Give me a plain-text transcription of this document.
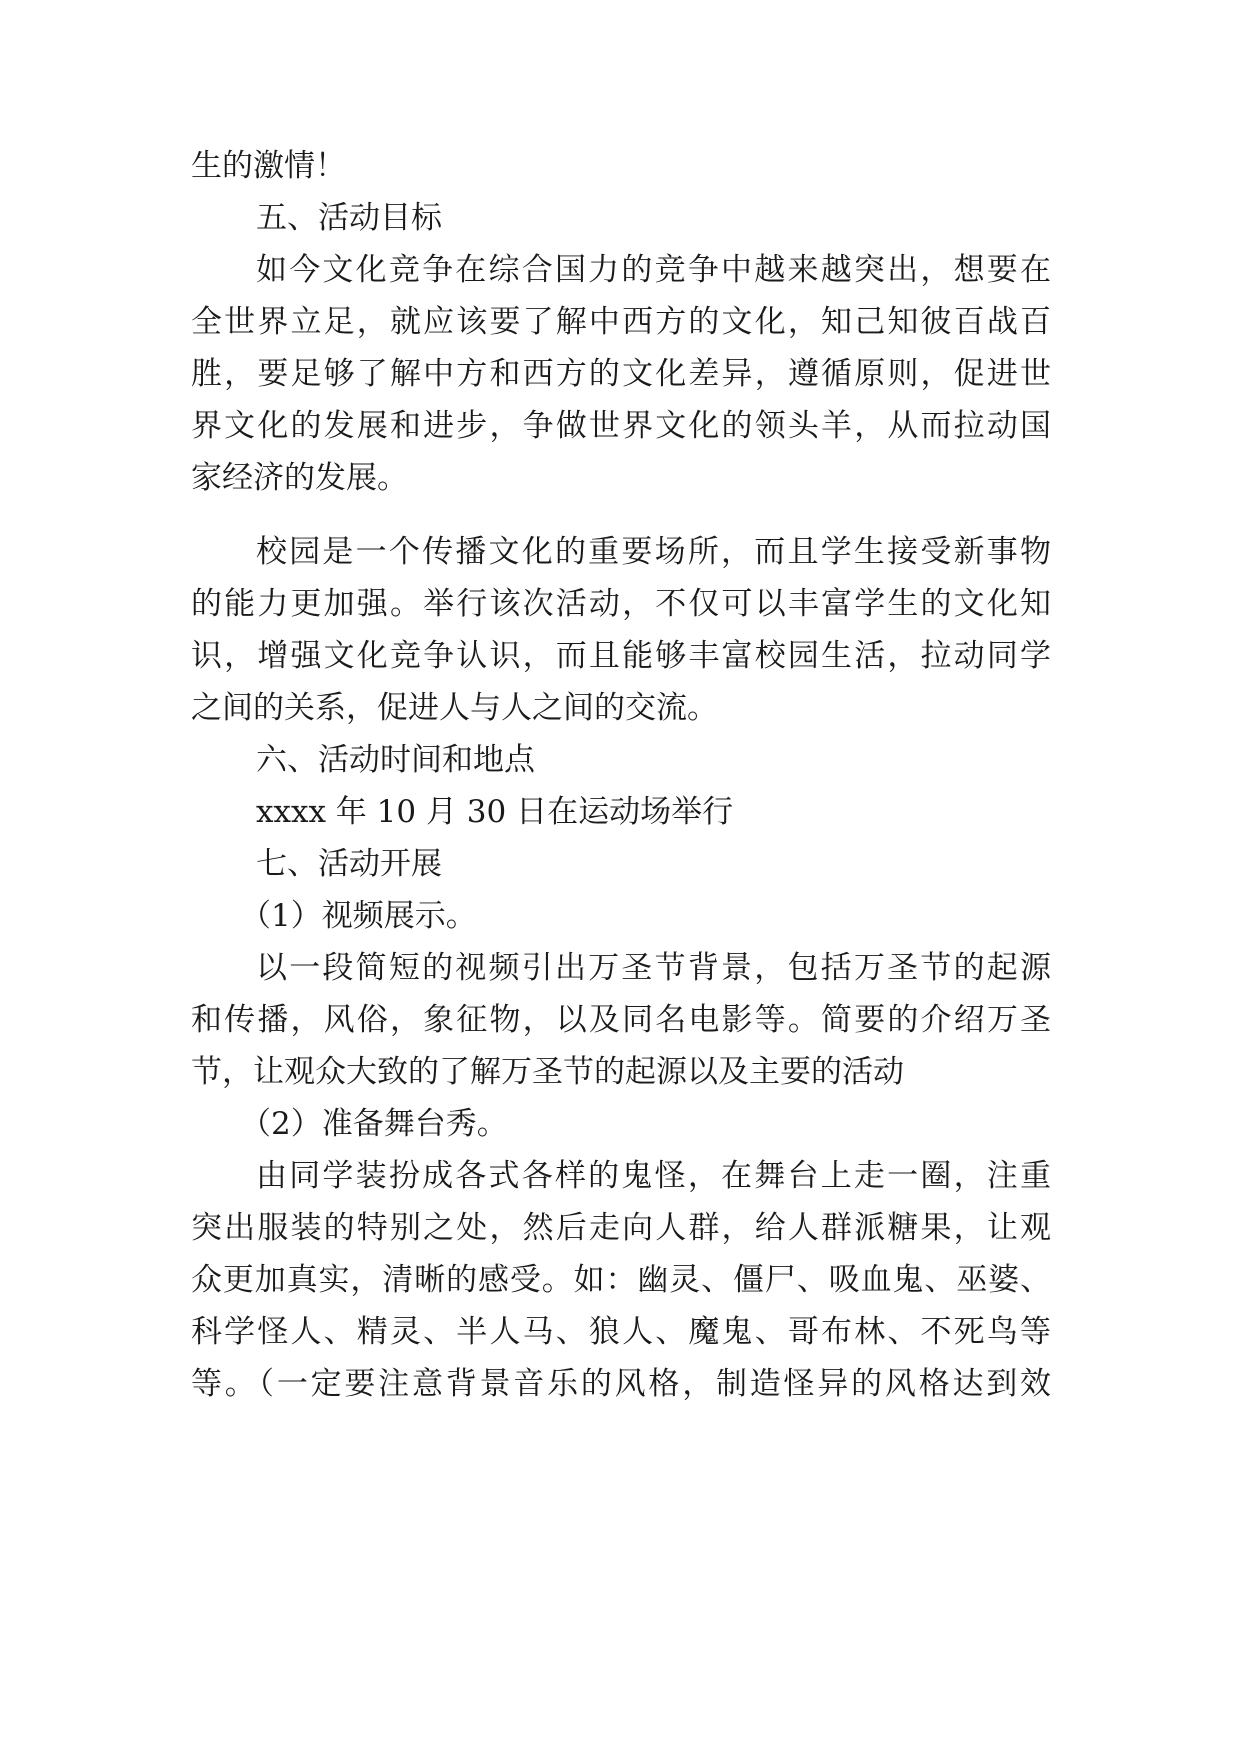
生的激情！
五、活动目标
如今文化竞争在综合国力的竞争中越来越突出，想要在
全世界立足，就应该要了解中西方的文化，知己知彼百战百
胜，要足够了解中方和西方的文化差异，遵循原则，促进世
界文化的发展和进步，争做世界文化的领头羊，从而拉动国
家经济的发展。
校园是一个传播文化的重要场所，而且学生接受新事物
的能力更加强。举行该次活动，不仅可以丰富学生的文化知
识，增强文化竞争认识，而且能够丰富校园生活，拉动同学
之间的关系，促进人与人之间的交流。
六、活动时间和地点
xxxx 年 10 月 30 日在运动场举行
七、活动开展
（1）视频展示。
以一段简短的视频引出万圣节背景，包括万圣节的起源
和传播，风俗，象征物，以及同名电影等。简要的介绍万圣
节，让观众大致的了解万圣节的起源以及主要的活动
（2）准备舞台秀。
由同学装扮成各式各样的鬼怪，在舞台上走一圈，注重
突出服装的特别之处，然后走向人群，给人群派糖果，让观
众更加真实，清晰的感受。如：幽灵、僵尸、吸血鬼、巫婆、
科学怪人、精灵、半人马、狼人、魔鬼、哥布林、不死鸟等
等。（一定要注意背景音乐的风格，制造怪异的风格达到效
